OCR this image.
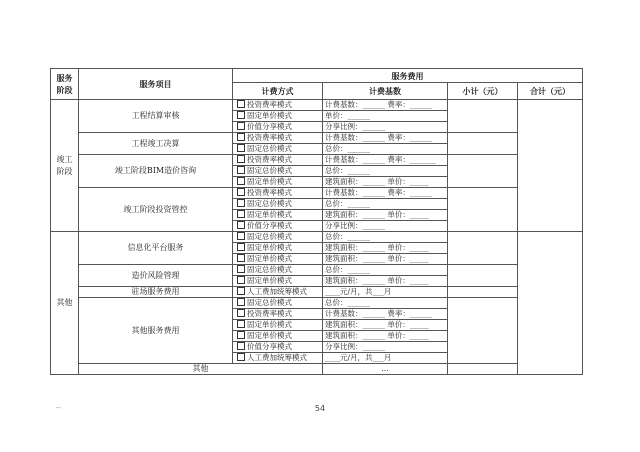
服务阶段	服务项目	服务费用				
		计费方式	计费基数	小计（元）	合计（元）	
竣工阶段	工程结算审核	投资费率模式	计费基数：______ 费率：______			
		固定单价模式	单价：______			
		价值分享模式	分享比例：______			
	工程竣工决算	投资费率模式	计费基数：______ 费率：______			
		固定总价模式	总价：______			
	竣工阶段BIM造价咨询	投资费率模式	计费基数：______ 费率：_______			
		固定总价模式	总价：______			
		固定单价模式	建筑面积：______ 单价：_____			
	竣工阶段投资管控	投资费率模式	计费基数：______ 费率：______			
		固定总价模式	总价：______			
		固定单价模式	建筑面积：______ 单价：_____			
		价值分享模式	分享比例：______			
其他	信息化平台服务	固定总价模式	总价：______			
		固定单价模式	建筑面积：______ 单价：_____			
		固定单价模式	建筑面积：______ 单价：_____			
	造价风险管理	固定总价模式	总价：______			
		固定单价模式	建筑面积：______ 单价：_____			
	驻场服务费用	人工费加统筹模式	____元/月，共___月			
	其他服务费用	固定总价模式	总价：______			
		投资费率模式	计费基数：______ 费率：______			
		固定单价模式	建筑面积：______ 单价：_____			
		固定单价模式	建筑面积：______ 单价：_____			
		价值分享模式	分享比例：______			
		人工费加统筹模式	____元/月，共___月			
	其他		...			
--	54
